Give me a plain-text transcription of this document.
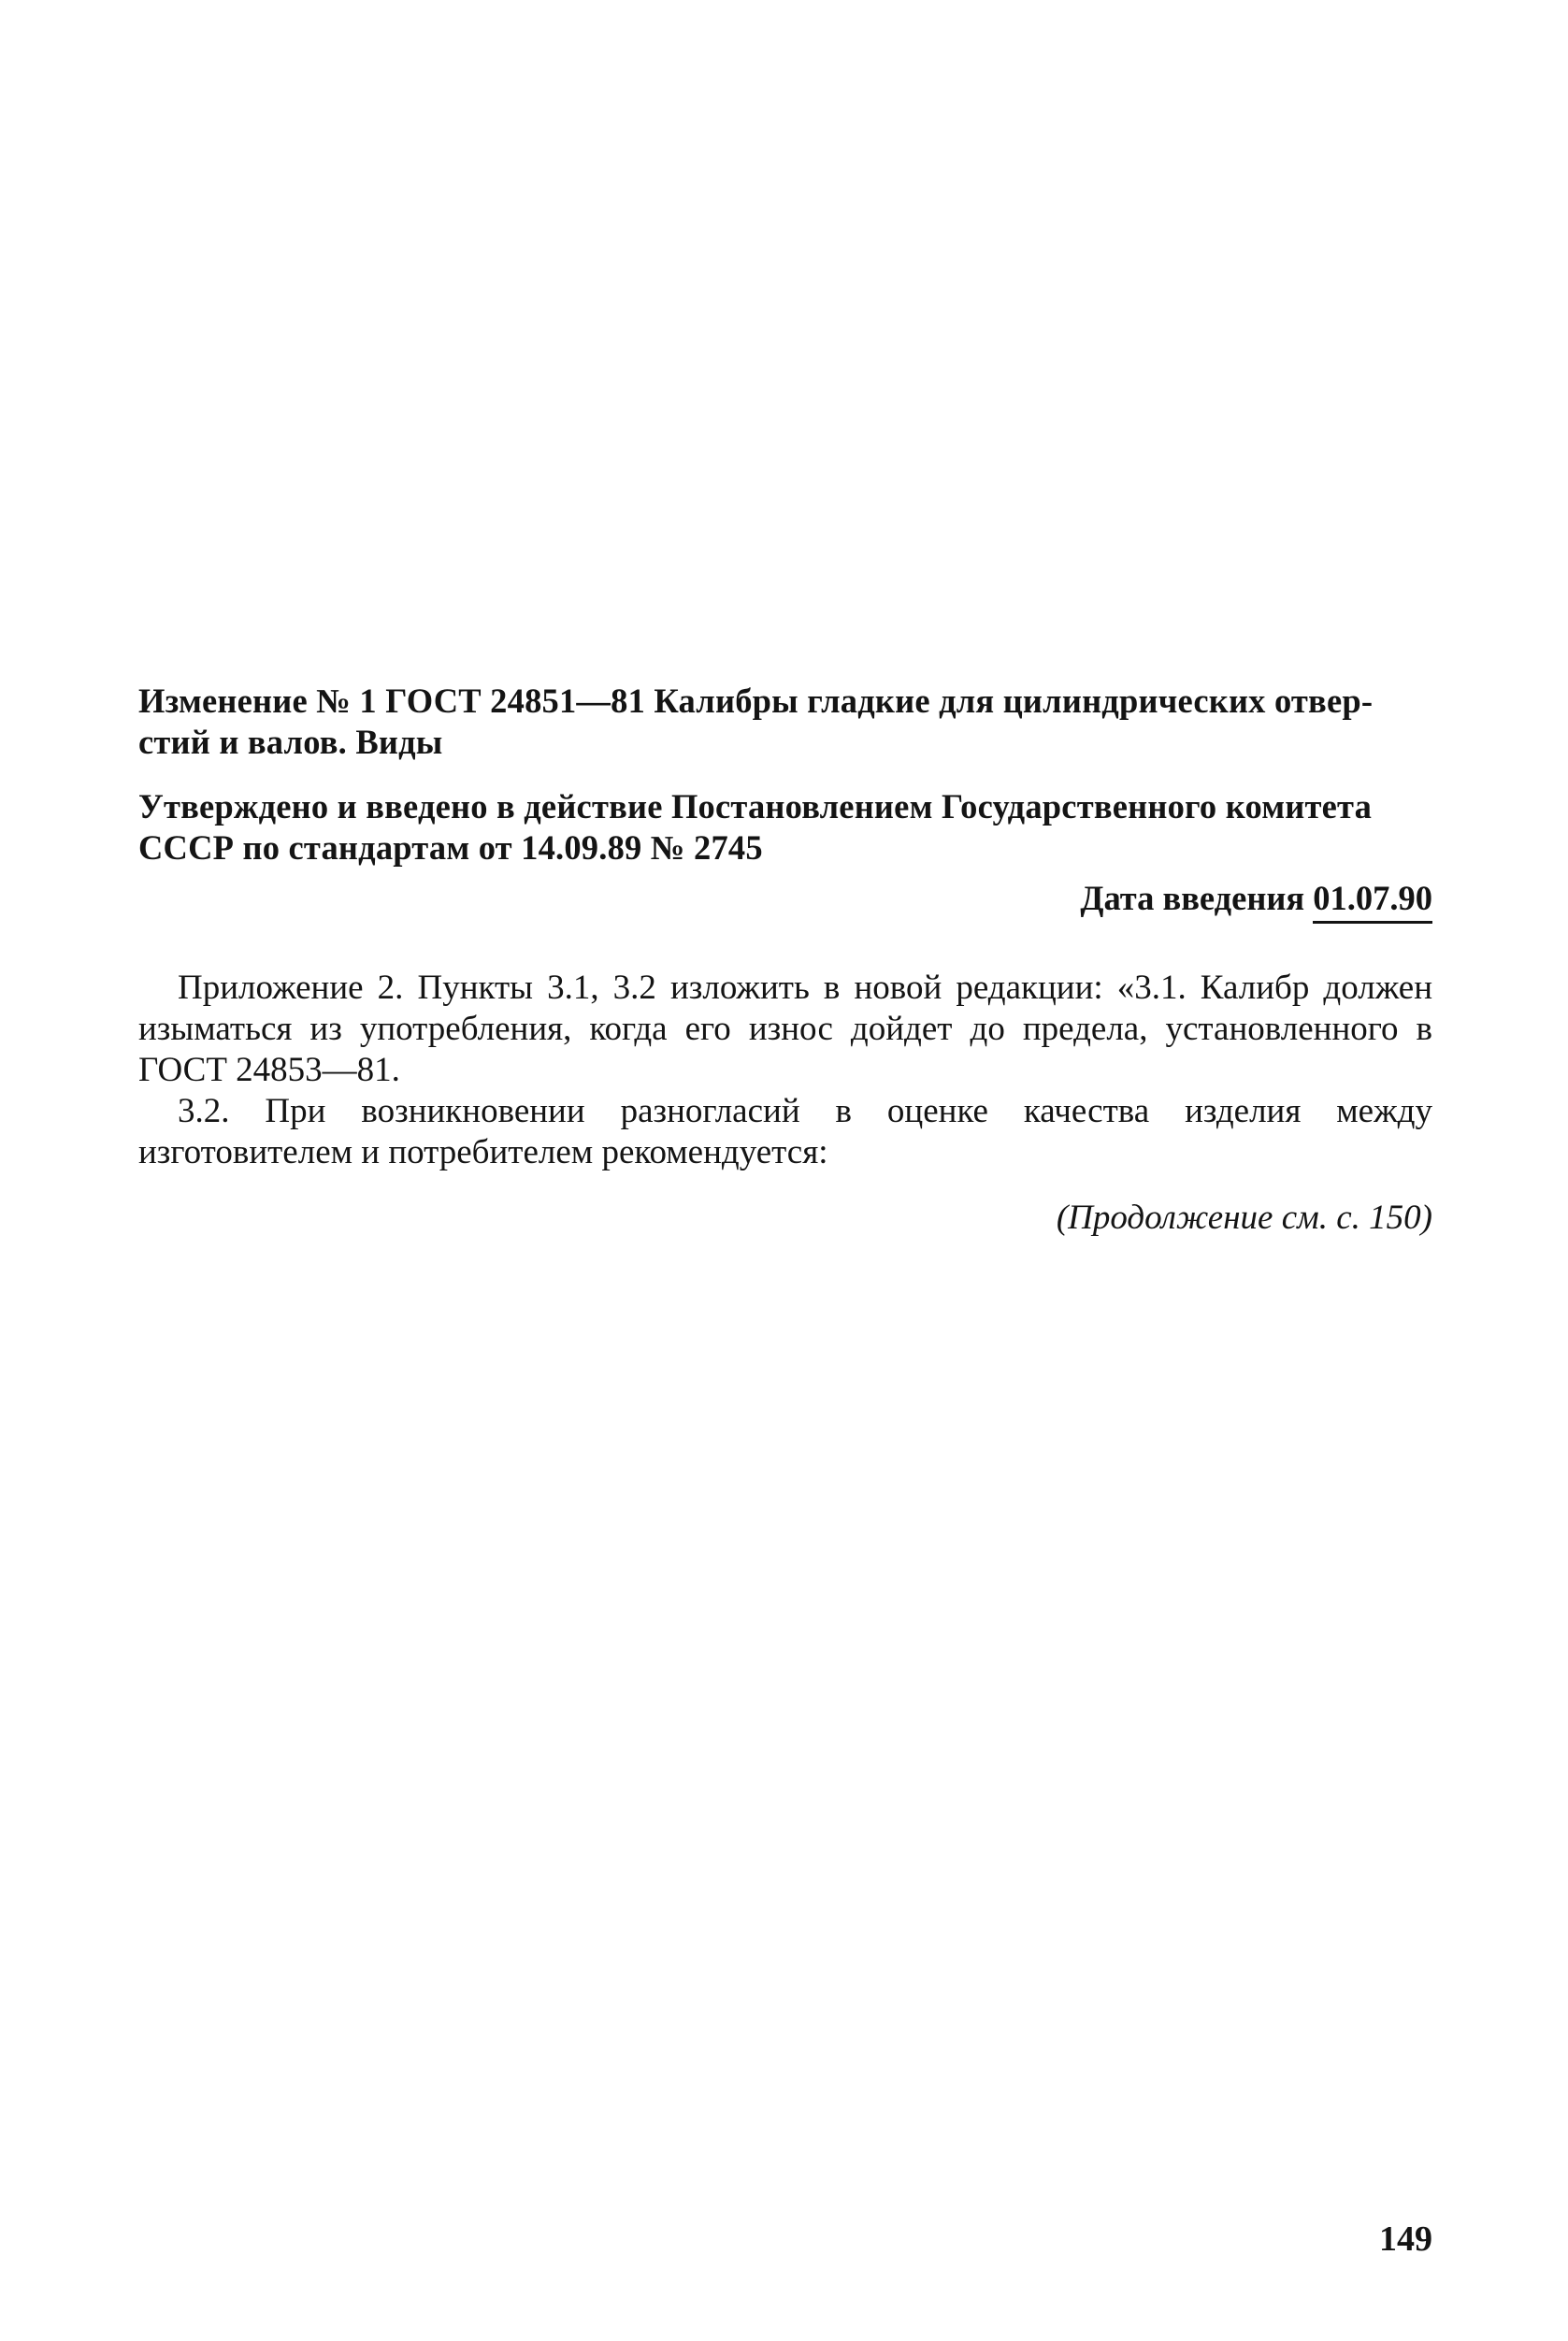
Изменение № 1 ГОСТ 24851—81 Калибры гладкие для цилиндрических отвер-
стий и валов. Виды

Утверждено и введено в действие Постановлением Государственного комитета
СССР по стандартам от 14.09.89 № 2745

Дата введения 01.07.90

Приложение 2. Пункты 3.1, 3.2 изложить в новой редакции: «3.1. Калибр должен изыматься из употребления, когда его износ дойдет до предела, установленного в ГОСТ 24853—81.

3.2. При возникновении разногласий в оценке качества изделия между изготовителем и потребителем рекомендуется:

(Продолжение см. с. 150)
149
